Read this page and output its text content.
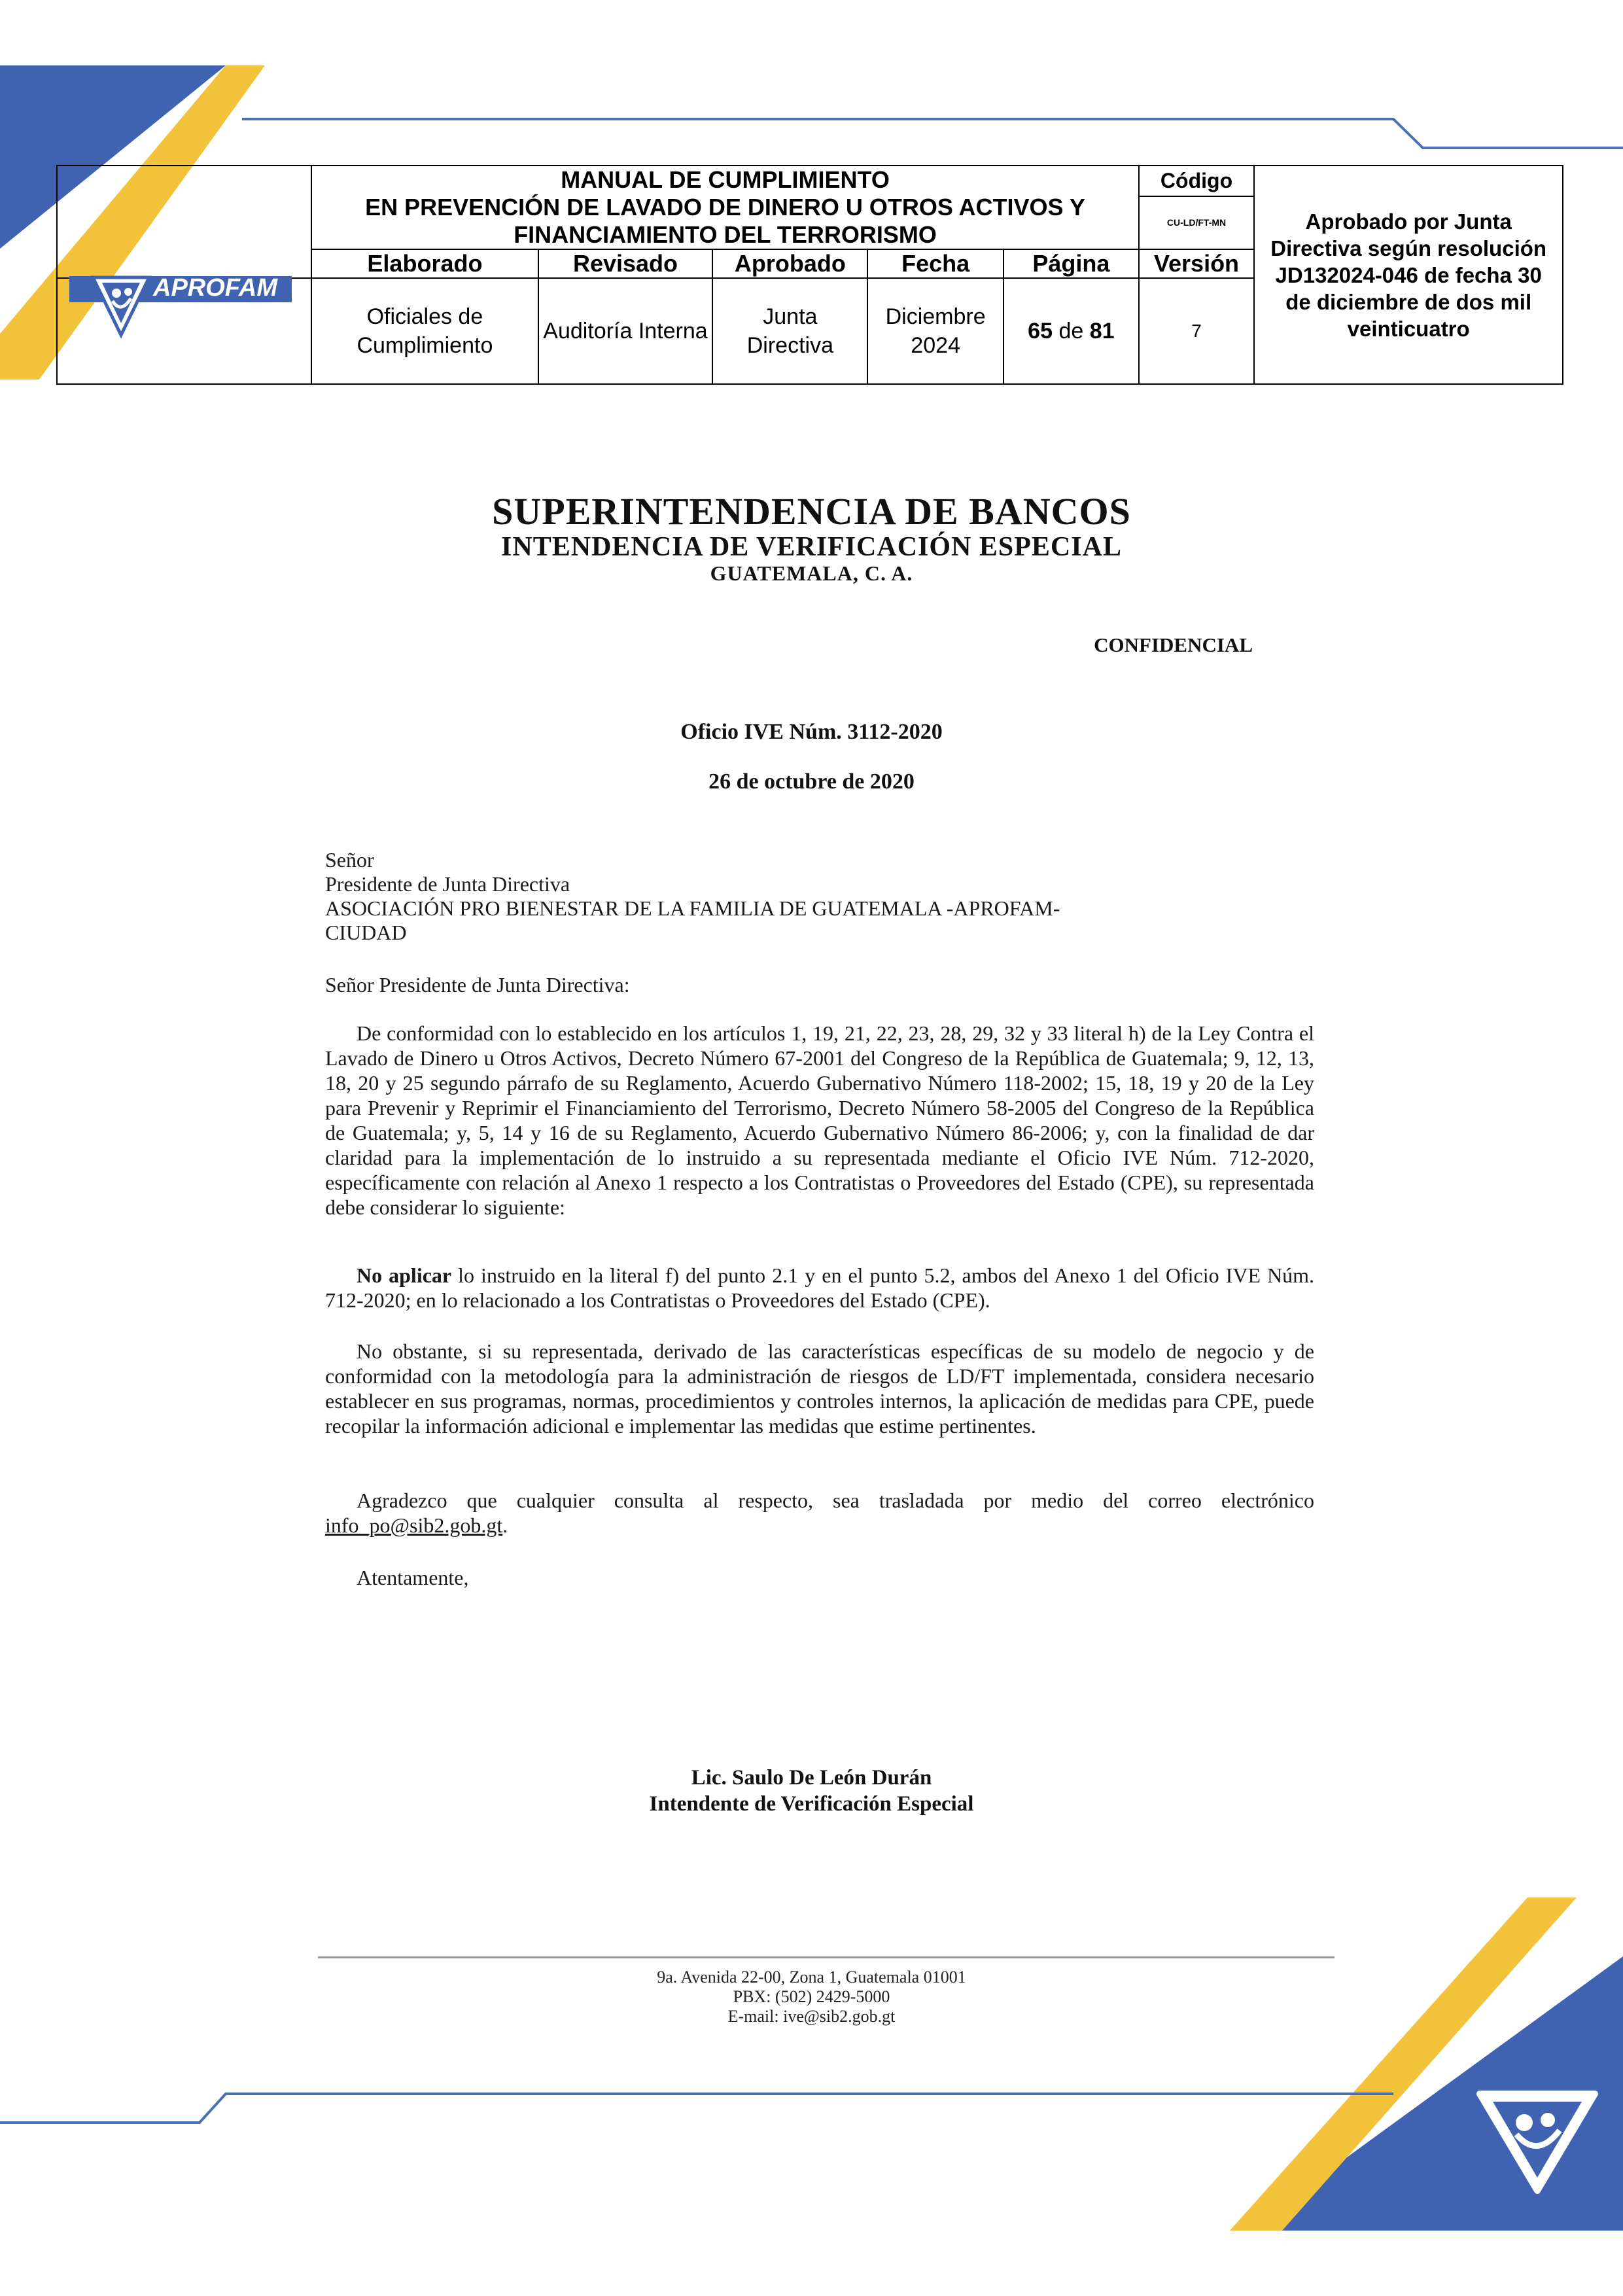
APROFAM	MANUAL DE CUMPLIMIENTO
EN PREVENCIÓN DE LAVADO DE DINERO U OTROS ACTIVOS Y
FINANCIAMIENTO DEL TERRORISMO					Código	Aprobado por Junta Directiva según resolución JD132024-046 de fecha 30 de diciembre de dos mil veinticuatro
						CU-LD/FT-MN	
	Elaborado	Revisado	Aprobado	Fecha	Página	Versión	
	Oficiales de Cumplimiento	Auditoría Interna	Junta Directiva	Diciembre 2024	65 de 81	7	
SUPERINTENDENCIA DE BANCOS
INTENDENCIA DE VERIFICACIÓN ESPECIAL
GUATEMALA, C. A.
CONFIDENCIAL
Oficio IVE Núm. 3112-2020
26 de octubre de 2020
Señor
Presidente de Junta Directiva
ASOCIACIÓN PRO BIENESTAR DE LA FAMILIA DE GUATEMALA -APROFAM-
CIUDAD
Señor Presidente de Junta Directiva:

De conformidad con lo establecido en los artículos 1, 19, 21, 22, 23, 28, 29, 32 y 33 literal h) de la Ley Contra el Lavado de Dinero u Otros Activos, Decreto Número 67-2001 del Congreso de la República de Guatemala; 9, 12, 13, 18, 20 y 25 segundo párrafo de su Reglamento, Acuerdo Gubernativo Número 118-2002; 15, 18, 19 y 20 de la Ley para Prevenir y Reprimir el Financiamiento del Terrorismo, Decreto Número 58-2005 del Congreso de la República de Guatemala; y, 5, 14 y 16 de su Reglamento, Acuerdo Gubernativo Número 86-2006; y, con la finalidad de dar claridad para la implementación de lo instruido a su representada mediante el Oficio IVE Núm. 712-2020, específicamente con relación al Anexo 1 respecto a los Contratistas o Proveedores del Estado (CPE), su representada debe considerar lo siguiente:

No aplicar lo instruido en la literal f) del punto 2.1 y en el punto 5.2, ambos del Anexo 1 del Oficio IVE Núm. 712-2020; en lo relacionado a los Contratistas o Proveedores del Estado (CPE).

No obstante, si su representada, derivado de las características específicas de su modelo de negocio y de conformidad con la metodología para la administración de riesgos de LD/FT implementada, considera necesario establecer en sus programas, normas, procedimientos y controles internos, la aplicación de medidas para CPE, puede recopilar la información adicional e implementar las medidas que estime pertinentes.

Agradezco que cualquier consulta al respecto, sea trasladada por medio del correo electrónico info_po@sib2.gob.gt.

Atentamente,
Lic. Saulo De León Durán
Intendente de Verificación Especial
9a. Avenida 22-00, Zona 1, Guatemala 01001
PBX: (502) 2429-5000
E-mail: ive@sib2.gob.gt
